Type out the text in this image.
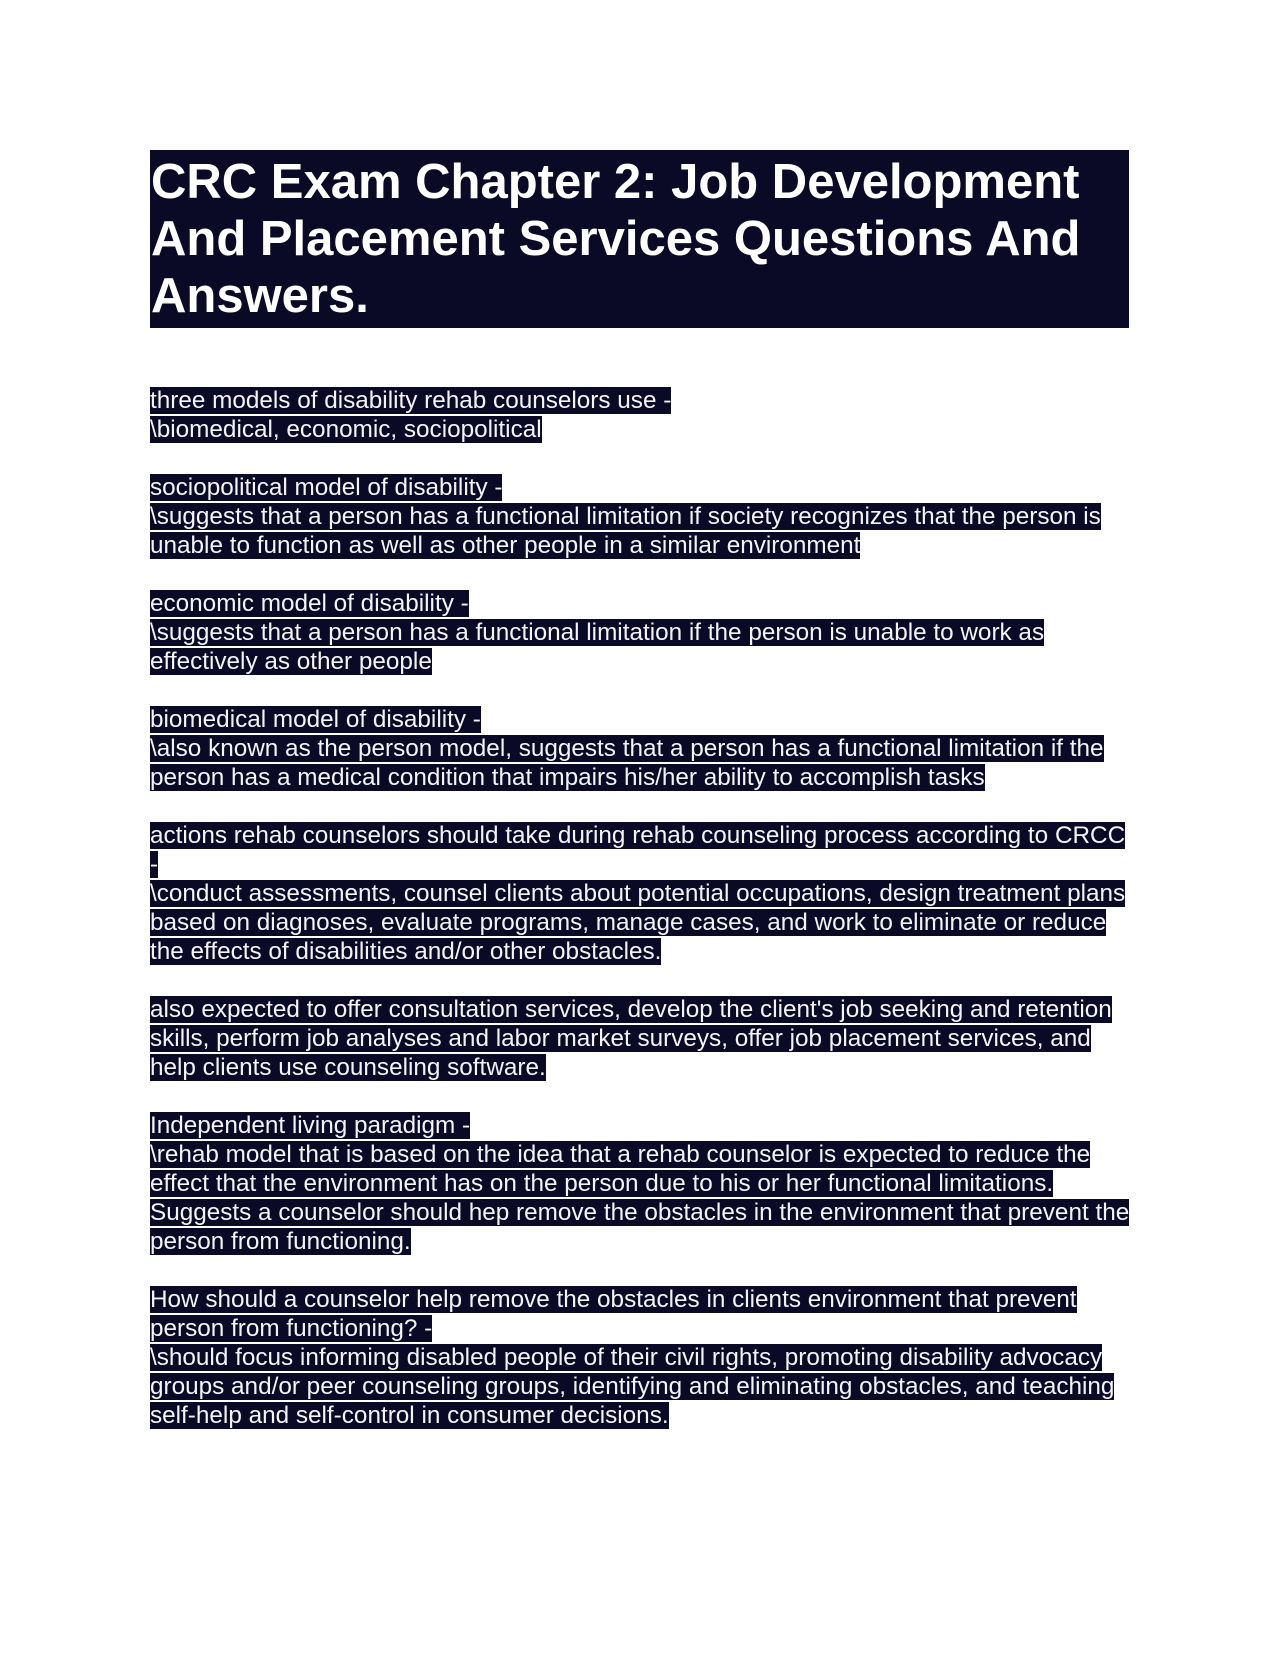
CRC Exam Chapter 2: Job Development And Placement Services Questions And Answers.

three models of disability rehab counselors use -

\biomedical, economic, sociopolitical

sociopolitical model of disability -

\suggests that a person has a functional limitation if society recognizes that the person is unable to function as well as other people in a similar environment

economic model of disability -

\suggests that a person has a functional limitation if the person is unable to work as effectively as other people

biomedical model of disability -

\also known as the person model, suggests that a person has a functional limitation if the person has a medical condition that impairs his/her ability to accomplish tasks

actions rehab counselors should take during rehab counseling process according to CRCC -

\conduct assessments, counsel clients about potential occupations, design treatment plans based on diagnoses, evaluate programs, manage cases, and work to eliminate or reduce the effects of disabilities and/or other obstacles.

also expected to offer consultation services, develop the client's job seeking and retention skills, perform job analyses and labor market surveys, offer job placement services, and help clients use counseling software.

Independent living paradigm -

\rehab model that is based on the idea that a rehab counselor is expected to reduce the effect that the environment has on the person due to his or her functional limitations. Suggests a counselor should hep remove the obstacles in the environment that prevent the person from functioning.

How should a counselor help remove the obstacles in clients environment that prevent person from functioning? -

\should focus informing disabled people of their civil rights, promoting disability advocacy groups and/or peer counseling groups, identifying and eliminating obstacles, and teaching self-help and self-control in consumer decisions.
